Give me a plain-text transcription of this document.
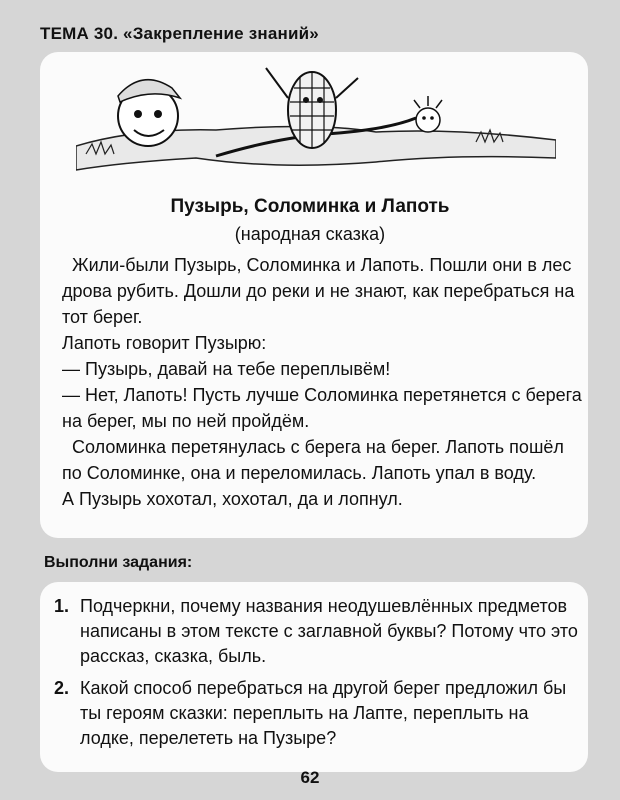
ТЕМА 30. «Закрепление знаний»
Пузырь, Соломинка и Лапоть
(народная сказка)

Жили-были Пузырь, Соломинка и Лапоть. Пошли они в лес дрова рубить. Дошли до реки и не знают, как перебраться на тот берег.

Лапоть говорит Пузырю:

— Пузырь, давай на тебе переплывём!

— Нет, Лапоть! Пусть лучше Соломинка перетянется с берега на берег, мы по ней пройдём.

Соломинка перетянулась с берега на берег. Лапоть пошёл по Соломинке, она и переломилась. Лапоть упал в воду.

А Пузырь хохотал, хохотал, да и лопнул.

Выполни задания:
1. Подчеркни, почему названия неодушевлённых предметов написаны в этом тексте с заглавной буквы? Потому что это рассказ, сказка, быль.
2. Какой способ перебраться на другой берег предложил бы ты героям сказки: переплыть на Лапте, переплыть на лодке, перелететь на Пузыре?
62
